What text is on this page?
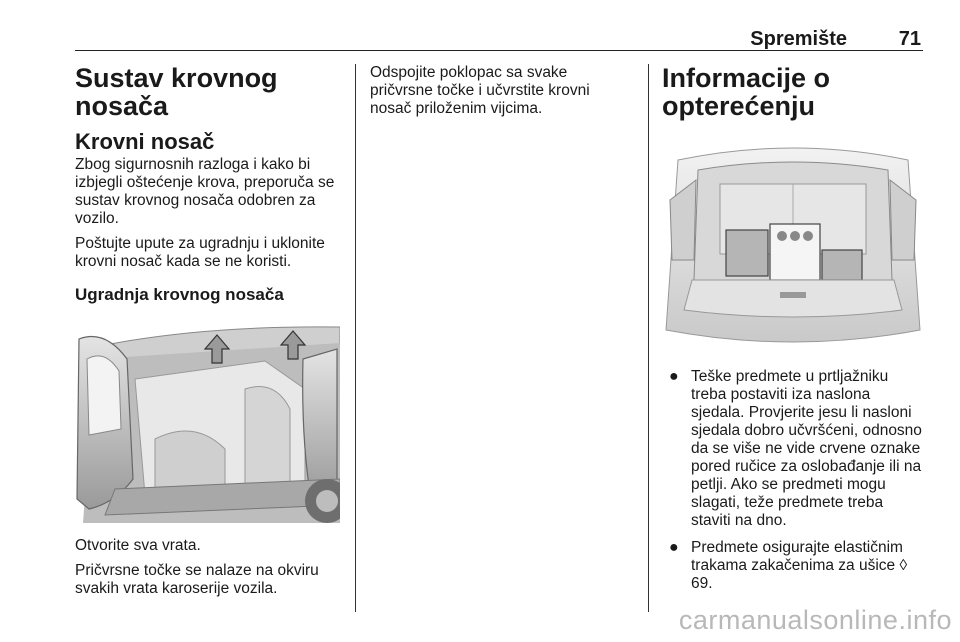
Spremište	71
Sustav krovnog nosača
Krovni nosač

Zbog sigurnosnih razloga i kako bi izbjegli oštećenje krova, preporuča se sustav krovnog nosača odobren za vozilo.

Poštujte upute za ugradnju i uklonite krovni nosač kada se ne koristi.

Ugradnja krovnog nosača

Otvorite sva vrata.

Pričvrsne točke se nalaze na okviru svakih vrata karoserije vozila.

Odspojite poklopac sa svake pričvrsne točke i učvrstite krovni nosač priloženim vijcima.

Informacije o opterećenju
● Teške predmete u prtljažniku treba postaviti iza naslona sjedala. Provjerite jesu li nasloni sjedala dobro učvršćeni, odnosno da se više ne vide crvene oznake pored ručice za oslobađanje ili na petlji. Ako se predmeti mogu slagati, teže predmete treba staviti na dno.
● Predmete osigurajte elastičnim trakama zakačenima za ušice ◊ 69.
carmanualsonline.info
